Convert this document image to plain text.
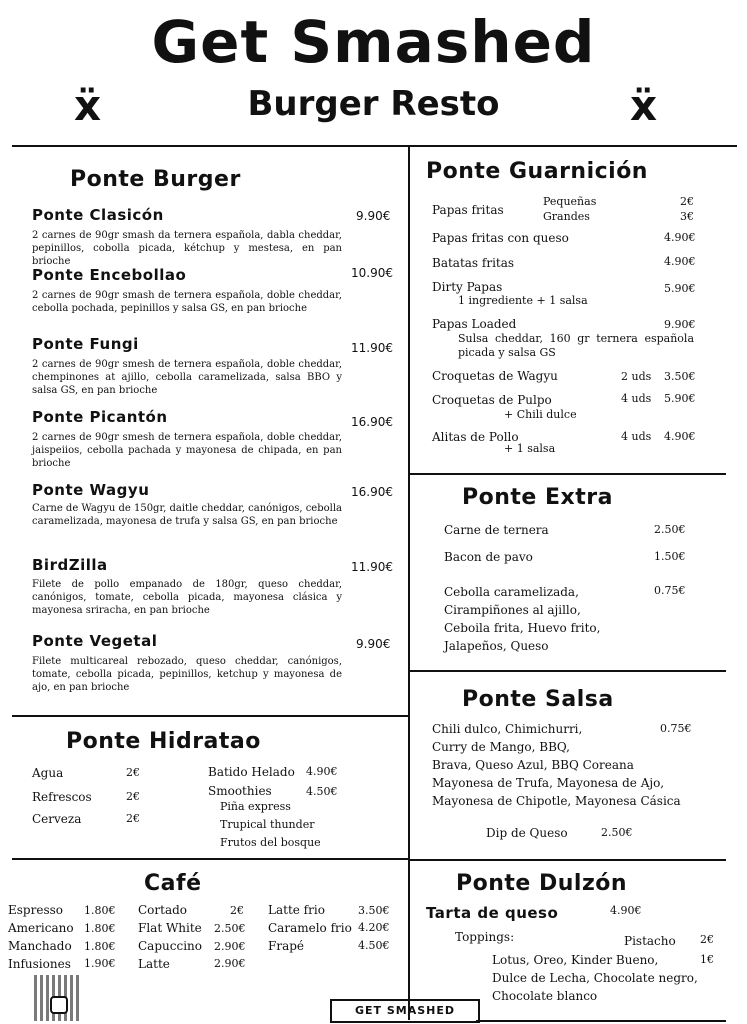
Get Smashed
ẍ	Burger Resto	ẍ
Ponte Burger
Ponte Clasicón	9.90€
2 carnes de 90gr smash da ternera española, dabla cheddar, pepinillos, cobolla picada, kétchup y mestesa, en pan brioche
Ponte Encebollao	10.90€
2 carnes de 90gr smash de ternera española, doble cheddar, cebolla pochada, pepinillos y salsa GS, en pan brioche
Ponte Fungi	11.90€
2 carnes de 90gr smesh de ternera española, doble cheddar, chempinones at ajillo, cebolla caramelizada, salsa BBO y salsa GS, en pan brioche
Ponte Picantón	16.90€
2 carnes de 90gr smesh de ternera española, doble cheddar, jaispeiios, cebolla pachada y mayonesa de chipada, en pan brioche
Ponte Wagyu	16.90€
Carne de Wagyu de 150gr, daitle cheddar, canónigos, cebolla caramelizada, mayonesa de trufa y salsa GS, en pan brioche
BirdZilla	11.90€
Filete de pollo empanado de 180gr, queso cheddar, canónigos, tomate, cebolla picada, mayonesa clásica y mayonesa sriracha, en pan brioche
Ponte Vegetal	9.90€
Filete multicareal rebozado, queso cheddar, canónigos, tomate, cebolla picada, pepinillos, ketchup y mayonesa de ajo, en pan brioche
Ponte Guarnición
Papas fritas
Pequeñas	2€
Grandes	3€
Papas fritas con queso	4.90€
Batatas fritas	4.90€
Dirty Papas	5.90€
1 ingrediente + 1 salsa
Papas Loaded	9.90€
Sulsa cheddar, 160 gr ternera española picada y salsa GS
Croquetas de Wagyu	2 uds 3.50€
Croquetas de Pulpo	4 uds 5.90€
+ Chili dulce
Alitas de Pollo	4 uds 4.90€
+ 1 salsa
Ponte Extra
Carne de ternera	2.50€
Bacon de pavo	1.50€
Cebolla caramelizada,	0.75€
Cirampiñones al ajillo,
Ceboila frita, Huevo frito,
Jalapeños, Queso
Ponte Salsa
Chili dulco, Chimichurri,	0.75€
Curry de Mango, BBQ,
Brava, Queso Azul, BBQ Coreana
Mayonesa de Trufa, Mayonesa de Ajo,
Mayonesa de Chipotle, Mayonesa Cásica
Dip de Queso	2.50€
Ponte Hidratao
Agua	2€
Refrescos	2€
Cerveza	2€
Batido Helado 4.90€
Smoothies	4.50€
Piña express
Trupical thunder
Frutos del bosque
Café
Espresso 1.80€
Americano 1.80€
Manchado 1.80€
Infusiones 1.90€
Cortado	2€
Flat White 2.50€
Capuccino 2.90€
Latte	2.90€
Latte frio	3.50€
Caramelo frio 4.20€
Frapé	4.50€
Ponte Dulzón
Tarta de queso	4.90€
Toppings:	Pistacho 2€
Lotus, Oreo, Kinder Bueno,	1€
Dulce de Lecha, Chocolate negro,
Chocolate blanco
GET SMASHED
